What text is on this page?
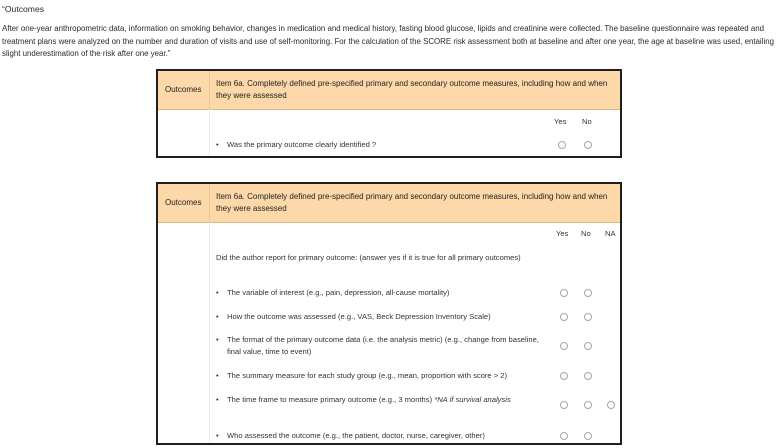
“Outcomes
After one-year anthropometric data, information on smoking behavior, changes in medication and medical history, fasting blood glucose, lipids and creatinine were collected. The baseline questionnaire was repeated and treatment plans were analyzed on the number and duration of visits and use of self-monitoring. For the calculation of the SCORE risk assessment both at baseline and after one year, the age at baseline was used, entailing slight underestimation of the risk after one year.”
Outcomes
Item 6a. Completely defined pre-specified primary and secondary outcome measures, including how and when they were assessed
Yes No
•	Was the primary outcome clearly identified ?
Outcomes
Item 6a. Completely defined pre-specified primary and secondary outcome measures, including how and when they were assessed
Yes No NA
Did the author report for primary outcome: (answer yes if it is true for all primary outcomes)
•	The variable of interest (e.g., pain, depression, all-cause mortality)
•	How the outcome was assessed (e.g., VAS, Beck Depression Inventory Scale)
•	The format of the primary outcome data (i.e. the analysis metric) (e.g., change from baseline, final value, time to event)
•	The summary measure for each study group (e.g., mean, proportion with score > 2)
•	The time frame to measure primary outcome (e.g., 3 months) *NA if survival analysis
•	Who assessed the outcome (e.g., the patient, doctor, nurse, caregiver, other)
